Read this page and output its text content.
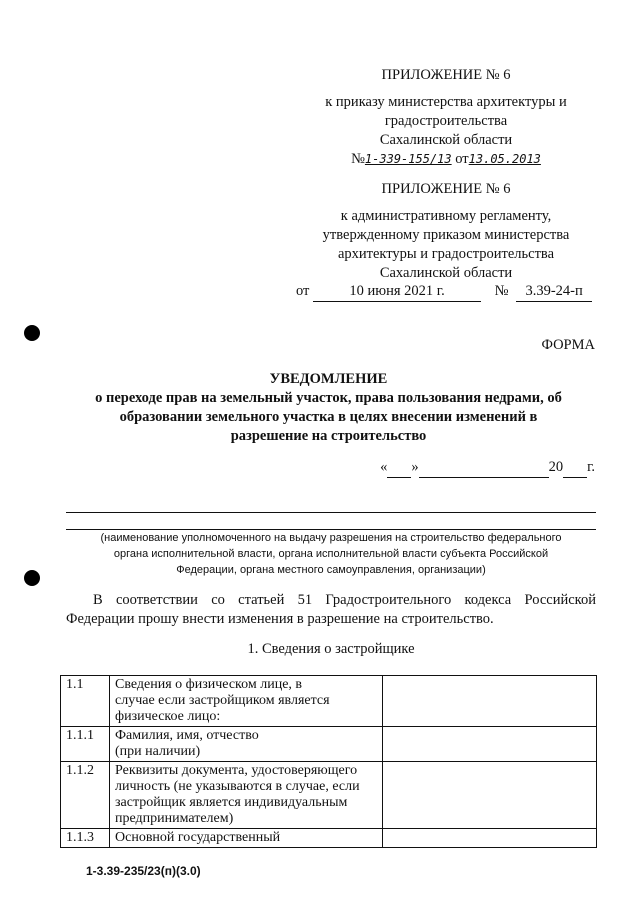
ПРИЛОЖЕНИЕ № 6
к приказу министерства архитектуры и
градостроительства
Сахалинской области
№1-339-155/13 от13.05.2013
ПРИЛОЖЕНИЕ № 6
к административному регламенту,
утвержденному приказом министерства
архитектуры и градостроительства
Сахалинской области
от	10 июня 2021 г.	№ 3.39-24-п
ФОРМА
УВЕДОМЛЕНИЕ
о переходе прав на земельный участок, права пользования недрами, об
образовании земельного участка в целях внесении изменений в
разрешение на строительство
« »	20 г.
(наименование уполномоченного на выдачу разрешения на строительство федерального
органа исполнительной власти, органа исполнительной власти субъекта Российской
Федерации, органа местного самоуправления, организации)
В соответствии со статьей 51 Градостроительного кодекса Российской
Федерации прошу внести изменения в разрешение на строительство.
1. Сведения о застройщике
1.1	Сведения о физическом лице, в
случае если застройщиком является
физическое лицо:	

1.1.1	Фамилия, имя, отчество
(при наличии)	

1.1.2	Реквизиты документа, удостоверяющего
личность (не указываются в случае, если
застройщик является индивидуальным
предпринимателем)	

1.1.3	Основной государственный	

1-3.39-235/23(п)(3.0)
